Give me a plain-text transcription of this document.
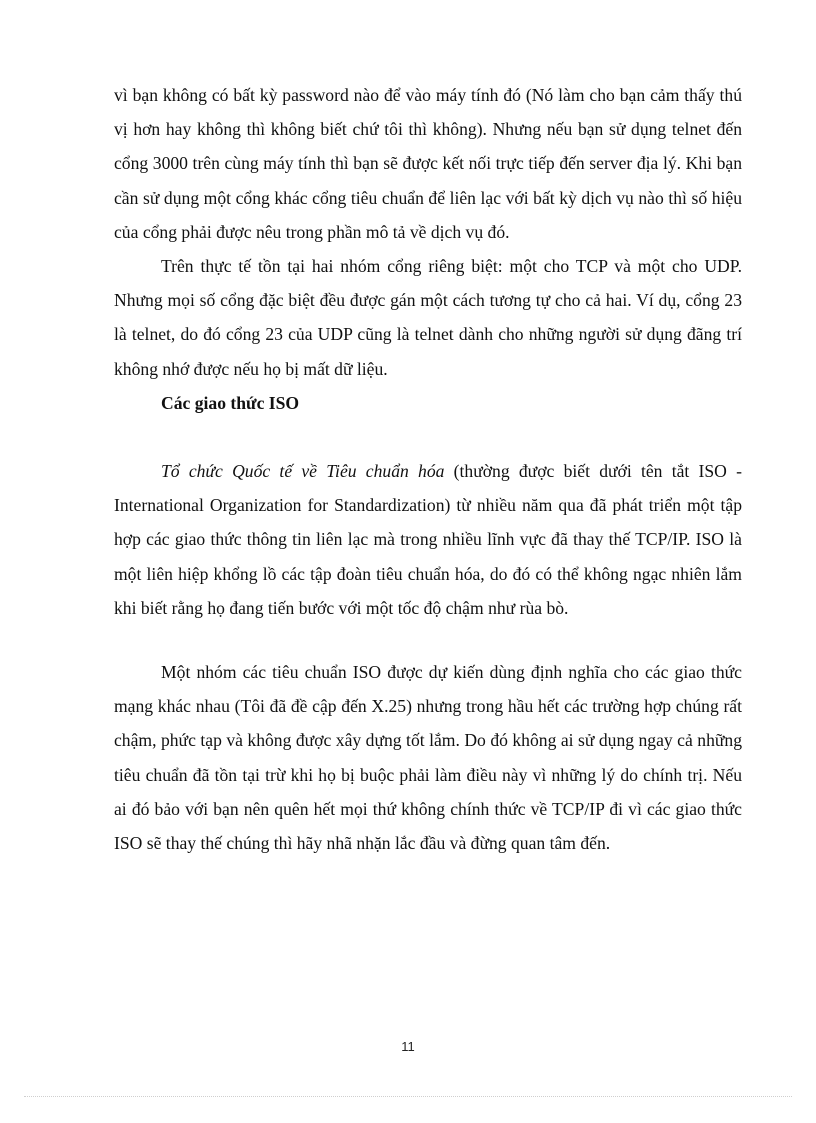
vì bạn không có bất kỳ password nào để vào máy tính đó (Nó làm cho bạn cảm thấy thú vị hơn hay không thì không biết chứ tôi thì không). Nhưng nếu bạn sử dụng telnet đến cổng 3000 trên cùng máy tính thì bạn sẽ được kết nối trực tiếp đến server địa lý. Khi bạn cần sử dụng một cổng khác cổng tiêu chuẩn để liên lạc với bất kỳ dịch vụ nào thì số hiệu của cổng phải được nêu trong phần mô tả về dịch vụ đó.

Trên thực tế tồn tại hai nhóm cổng riêng biệt: một cho TCP và một cho UDP. Nhưng mọi số cổng đặc biệt đều được gán một cách tương tự cho cả hai. Ví dụ, cổng 23 là telnet, do đó cổng 23 của UDP cũng là telnet dành cho những người sử dụng đãng trí không nhớ được nếu họ bị mất dữ liệu.

Các giao thức ISO

Tổ chức Quốc tế về Tiêu chuẩn hóa (thường được biết dưới tên tắt ISO - International Organization for Standardization) từ nhiều năm qua đã phát triển một tập hợp các giao thức thông tin liên lạc mà trong nhiều lĩnh vực đã thay thế TCP/IP. ISO là một liên hiệp khổng lồ các tập đoàn tiêu chuẩn hóa, do đó có thể không ngạc nhiên lắm khi biết rằng họ đang tiến bước với một tốc độ chậm như rùa bò.

Một nhóm các tiêu chuẩn ISO được dự kiến dùng định nghĩa cho các giao thức mạng khác nhau (Tôi đã đề cập đến X.25) nhưng trong hầu hết các trường hợp chúng rất chậm, phức tạp và không được xây dựng tốt lắm. Do đó không ai sử dụng ngay cả những tiêu chuẩn đã tồn tại trừ khi họ bị buộc phải làm điều này vì những lý do chính trị. Nếu ai đó bảo với bạn nên quên hết mọi thứ không chính thức về TCP/IP đi vì các giao thức ISO sẽ thay thế chúng thì hãy nhã nhặn lắc đầu và đừng quan tâm đến.

11
